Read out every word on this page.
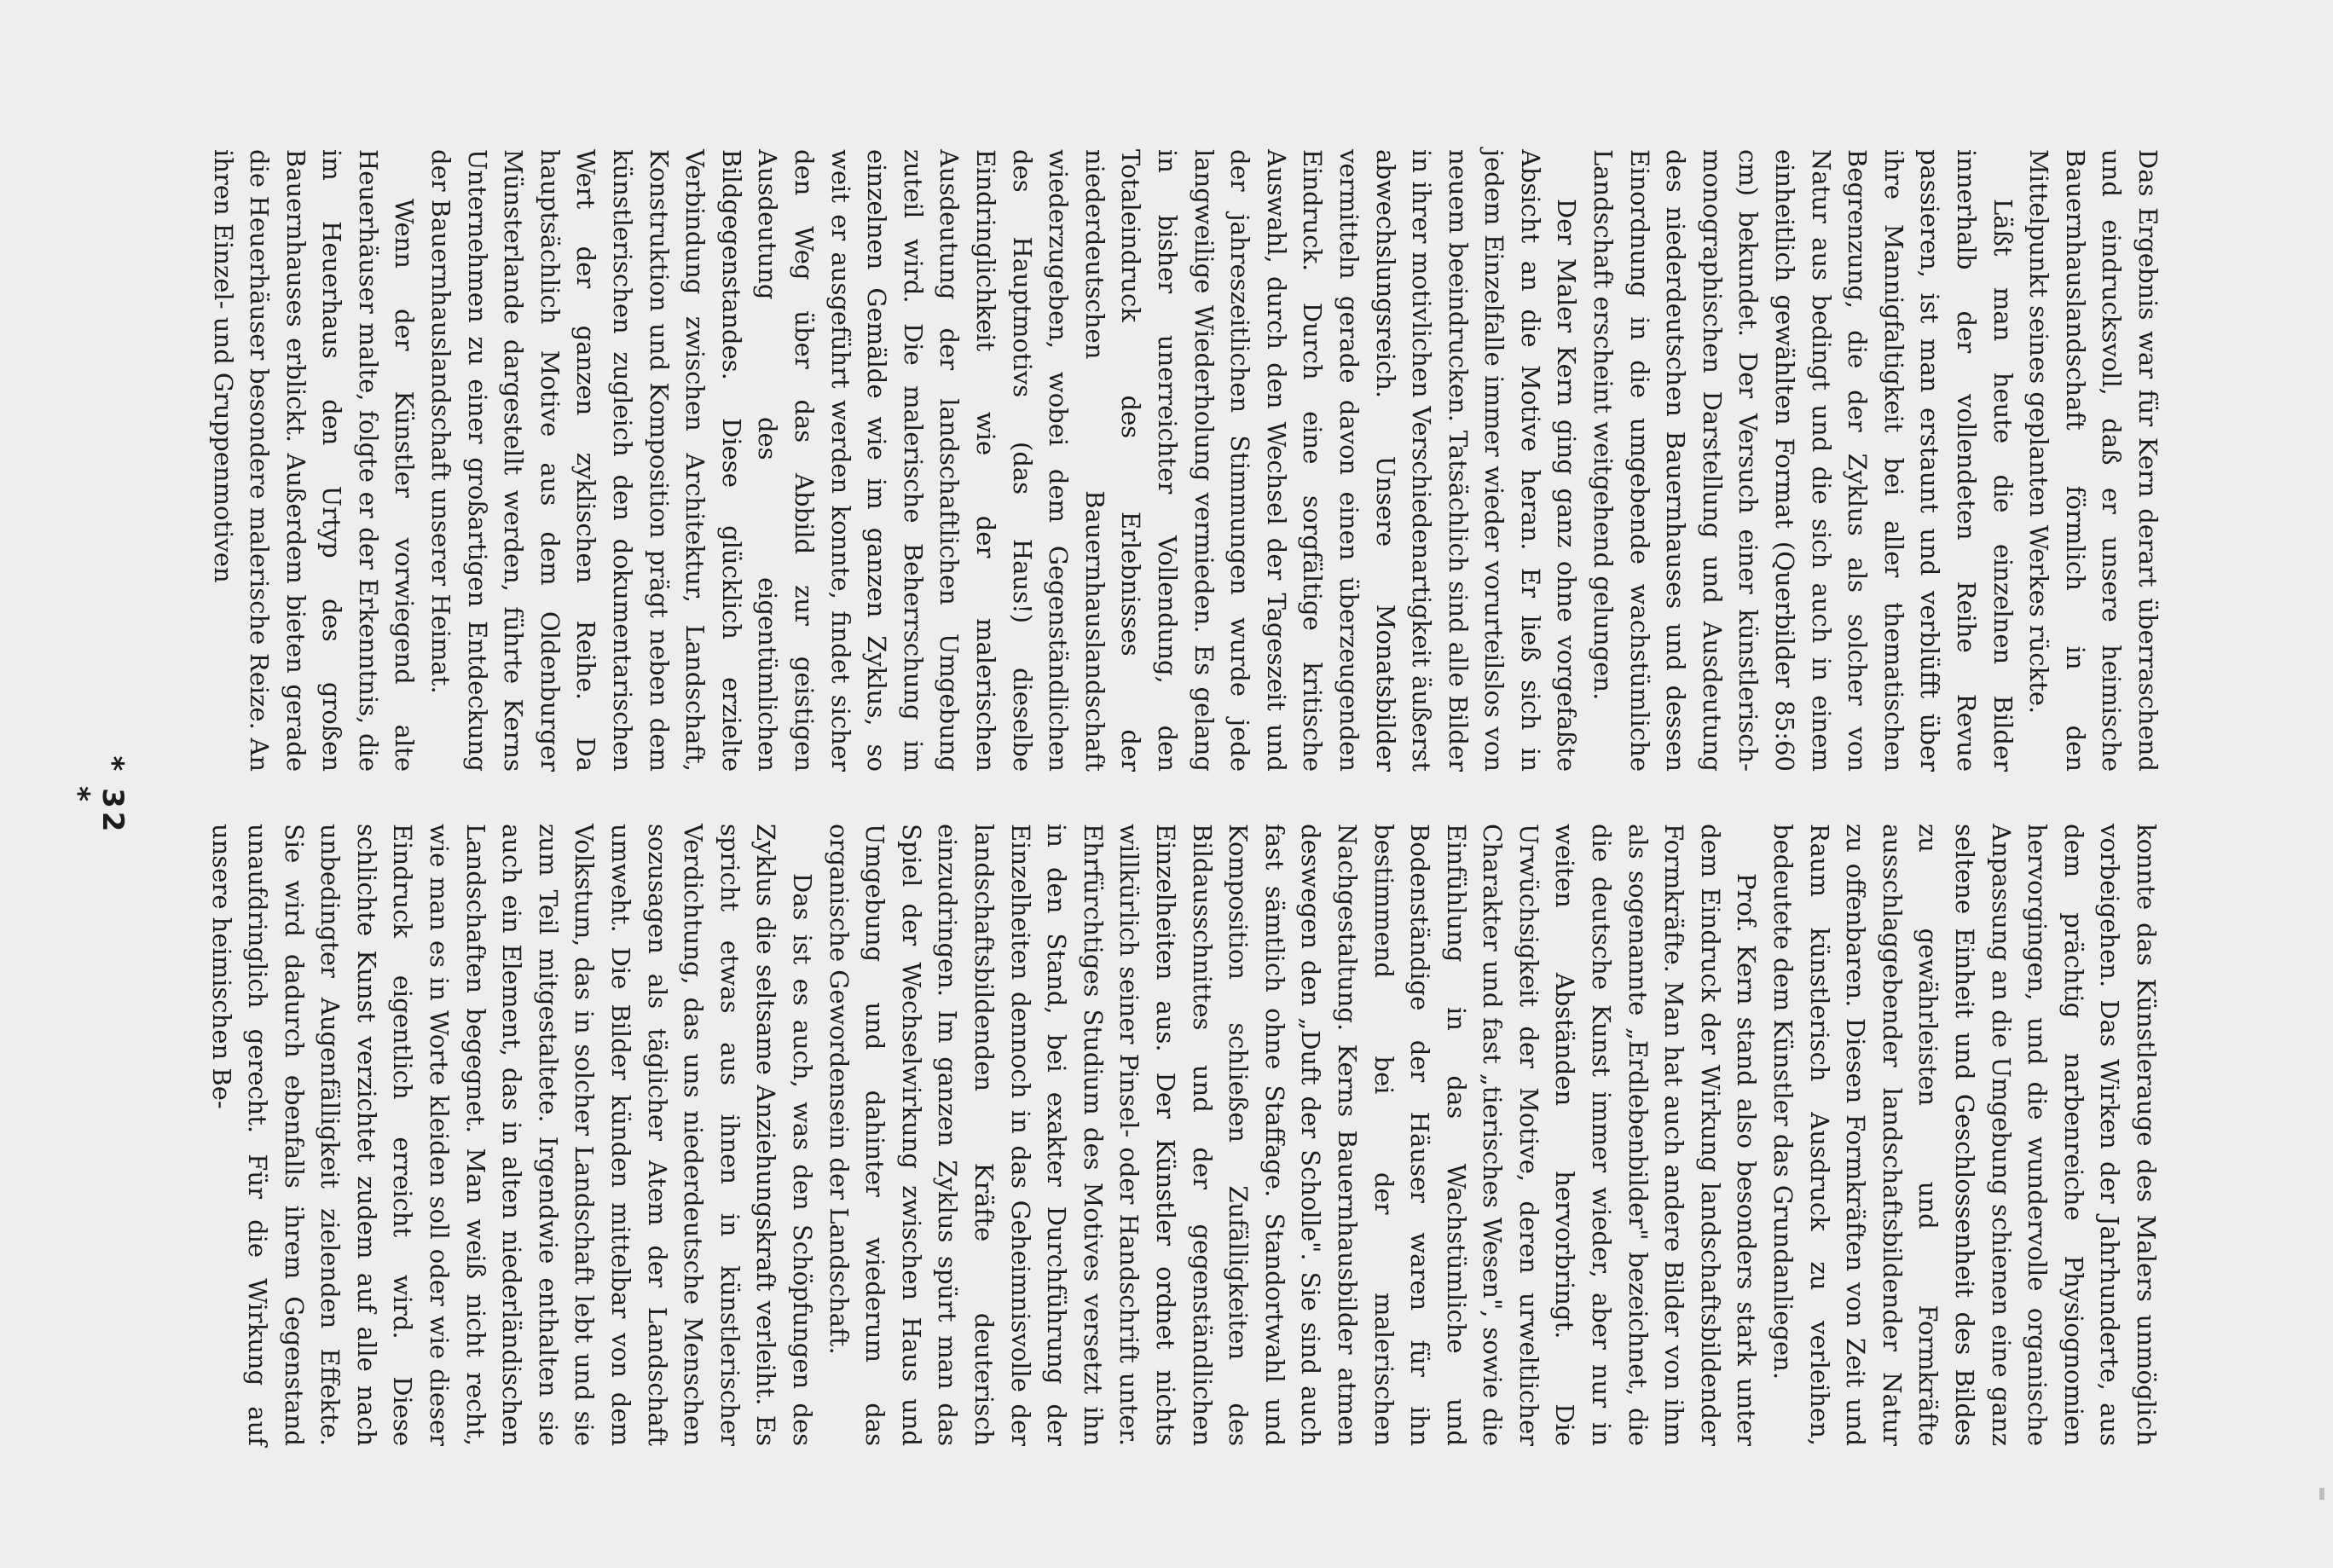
Das Ergebnis war für Kern derart überraschend und eindrucksvoll, daß er unsere heimische Bauernhauslandschaft förmlich in den Mittelpunkt seines geplanten Werkes rückte.

Läßt man heute die einzelnen Bilder innerhalb der vollendeten Reihe Revue passieren, ist man erstaunt und verblüfft über ihre Mannigfaltigkeit bei aller thematischen Begrenzung, die der Zyklus als solcher von Natur aus bedingt und die sich auch in einem einheitlich gewählten Format (Querbilder 85:60 cm) bekundet. Der Versuch einer künstlerisch-monographischen Darstellung und Ausdeutung des niederdeutschen Bauernhauses und dessen Einordnung in die umgebende wachstümliche Landschaft erscheint weitgehend gelungen.

Der Maler Kern ging ganz ohne vorgefaßte Absicht an die Motive heran. Er ließ sich in jedem Einzelfalle immer wieder vorurteilslos von neuem beeindrucken. Tatsächlich sind alle Bilder in ihrer motivlichen Verschiedenartigkeit äußerst abwechslungsreich. Unsere Monatsbilder vermitteln gerade davon einen überzeugenden Eindruck. Durch eine sorgfältige kritische Auswahl, durch den Wechsel der Tageszeit und der jahreszeitlichen Stimmungen wurde jede langweilige Wiederholung vermieden. Es gelang in bisher unerreichter Vollendung, den Totaleindruck des Erlebnisses der niederdeutschen Bauernhauslandschaft wiederzugeben, wobei dem Gegenständlichen des Hauptmotivs (das Haus!) dieselbe Eindringlichkeit wie der malerischen Ausdeutung der landschaftlichen Umgebung zuteil wird. Die malerische Beherrschung im einzelnen Gemälde wie im ganzen Zyklus, so weit er ausgeführt werden konnte, findet sicher den Weg über das Abbild zur geistigen Ausdeutung des eigentümlichen Bildgegenstandes. Diese glücklich erzielte Verbindung zwischen Architektur, Landschaft, Konstruktion und Komposition prägt neben dem künstlerischen zugleich den dokumentarischen Wert der ganzen zyklischen Reihe. Da hauptsächlich Motive aus dem Oldenburger Münsterlande dargestellt werden, führte Kerns Unternehmen zu einer großartigen Entdeckung der Bauernhauslandschaft unserer Heimat.

Wenn der Künstler vorwiegend alte Heuerhäuser malte, folgte er der Erkenntnis, die im Heuerhaus den Urtyp des großen Bauernhauses erblickt. Außerdem bieten gerade die Heuerhäuser besondere malerische Reize. An ihren Einzel- und Gruppenmotiven

konnte das Künstlerauge des Malers unmöglich vorbeigehen. Das Wirken der Jahrhunderte, aus dem prächtig narbenreiche Physiognomien hervorgingen, und die wundervolle organische Anpassung an die Umgebung schienen eine ganz seltene Einheit und Geschlossenheit des Bildes zu gewährleisten und Formkräfte ausschlaggebender landschaftsbildender Natur zu offenbaren. Diesen Formkräften von Zeit und Raum künstlerisch Ausdruck zu verleihen, bedeutete dem Künstler das Grundanliegen.

Prof. Kern stand also besonders stark unter dem Eindruck der Wirkung landschaftsbildender Formkräfte. Man hat auch andere Bilder von ihm als sogenannte „Erdlebenbilder" bezeichnet, die die deutsche Kunst immer wieder, aber nur in weiten Abständen hervorbringt. Die Urwüchsigkeit der Motive, deren urweltlicher Charakter und fast „tierisches Wesen", sowie die Einfühlung in das Wachstümliche und Bodenständige der Häuser waren für ihn bestimmend bei der malerischen Nachgestaltung. Kerns Bauernhausbilder atmen deswegen den „Duft der Scholle". Sie sind auch fast sämtlich ohne Staffage. Standortwahl und Komposition schließen Zufälligkeiten des Bildausschnittes und der gegenständlichen Einzelheiten aus. Der Künstler ordnet nichts willkürlich seiner Pinsel- oder Handschrift unter. Ehrfürchtiges Studium des Motives versetzt ihn in den Stand, bei exakter Durchführung der Einzelheiten dennoch in das Geheimnisvolle der landschaftsbildenden Kräfte deuterisch einzudringen. Im ganzen Zyklus spürt man das Spiel der Wechselwirkung zwischen Haus und Umgebung und dahinter wiederum das organische Gewordensein der Landschaft.

Das ist es auch, was den Schöpfungen des Zyklus die seltsame Anziehungskraft verleiht. Es spricht etwas aus ihnen in künstlerischer Verdichtung, das uns niederdeutsche Menschen sozusagen als täglicher Atem der Landschaft umweht. Die Bilder künden mittelbar von dem Volkstum, das in solcher Landschaft lebt und sie zum Teil mitgestaltete. Irgendwie enthalten sie auch ein Element, das in alten niederländischen Landschaften begegnet. Man weiß nicht recht, wie man es in Worte kleiden soll oder wie dieser Eindruck eigentlich erreicht wird. Diese schlichte Kunst verzichtet zudem auf alle nach unbedingter Augenfälligkeit zielenden Effekte. Sie wird dadurch ebenfalls ihrem Gegenstand unaufdringlich gerecht. Für die Wirkung auf unsere heimischen Be-

* 32 *
